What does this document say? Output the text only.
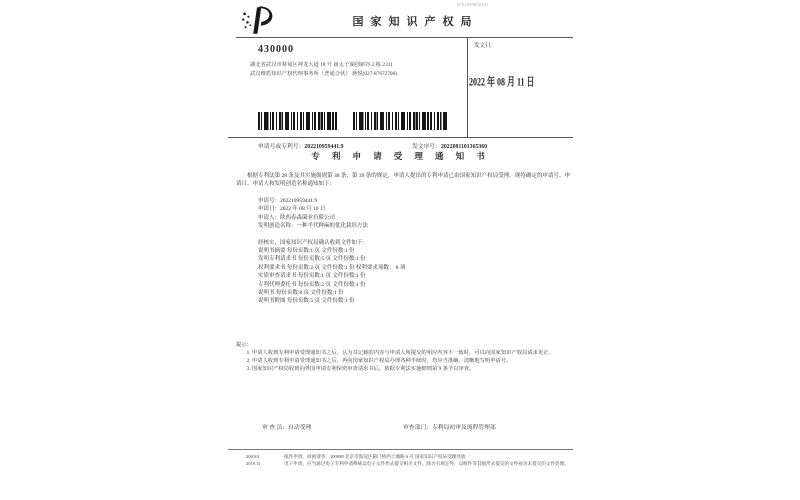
国家知识产权局
WX2209050101
430000
湖北省武汉市蔡甸区神龙大道 18 号 南太子湖创新谷 2 栋 2311
武汉维盾知识产权代理事务所（普通合伙） 蒋悦(027-87672700)
发文日：
2022 年 08 月 11 日
申请号或专利号：202210959441.9	发文序号：2022081101365360
专 利 申 请 受 理 通 知 书
根据专利法第 28 条及其实施细则第 38 条、第 39 条的规定，申请人提出的专利申请已由国家知识产权局受理。现将确定的申请号、申请日、申请人和发明创造名称通知如下：
申请号：202210959441.9
申请日：2022 年 08 月 10 日
申请人：陕西春森菌业有限公司
发明创造名称：一种半代种麻的优化栽培方法
经核实，国家知识产权局确认收到文件如下：
说明书摘要 每份页数:1 页 文件份数:1 份
发明专利请求书 每份页数:5 页 文件份数:1 份
权利要求书 每份页数:2 页 文件份数:1 份 权利要求项数： 8 项
实质审查请求书 每份页数:1 页 文件份数:1 份
专利代理委托书 每份页数:2 页 文件份数:1 份
说明书 每份页数:8 页 文件份数:1 份
说明书附图 每份页数:5 页 文件份数:1 份

提示：

1. 申请人收到专利申请受理通知书之后，认为其记载的内容与申请人所提交的相应内容不一致时，可以向国家知识产权局请求更正。

2. 申请人收到专利申请受理通知书之后，再向国家知识产权局办理各种手续时，均应当准确、清晰地写明申请号。

3. 国家知识产权局收到向外国申请专利保密审查请求书后，依据专利法实施细则第 9 条予以审查。

审 查 员：自动受理	审查部门：专利局初审及流程管理部
200101	纸件申请，回函请寄：100088 北京市海淀区蓟门桥西土城路 6 号 国家知识产权局受理处收
2019.11	电子申请，应当通过电子专利申请系统以电子文件形式提交相关文件。除另有规定外，以纸件等其他形式提交的文件视为未提交的文件处理。
